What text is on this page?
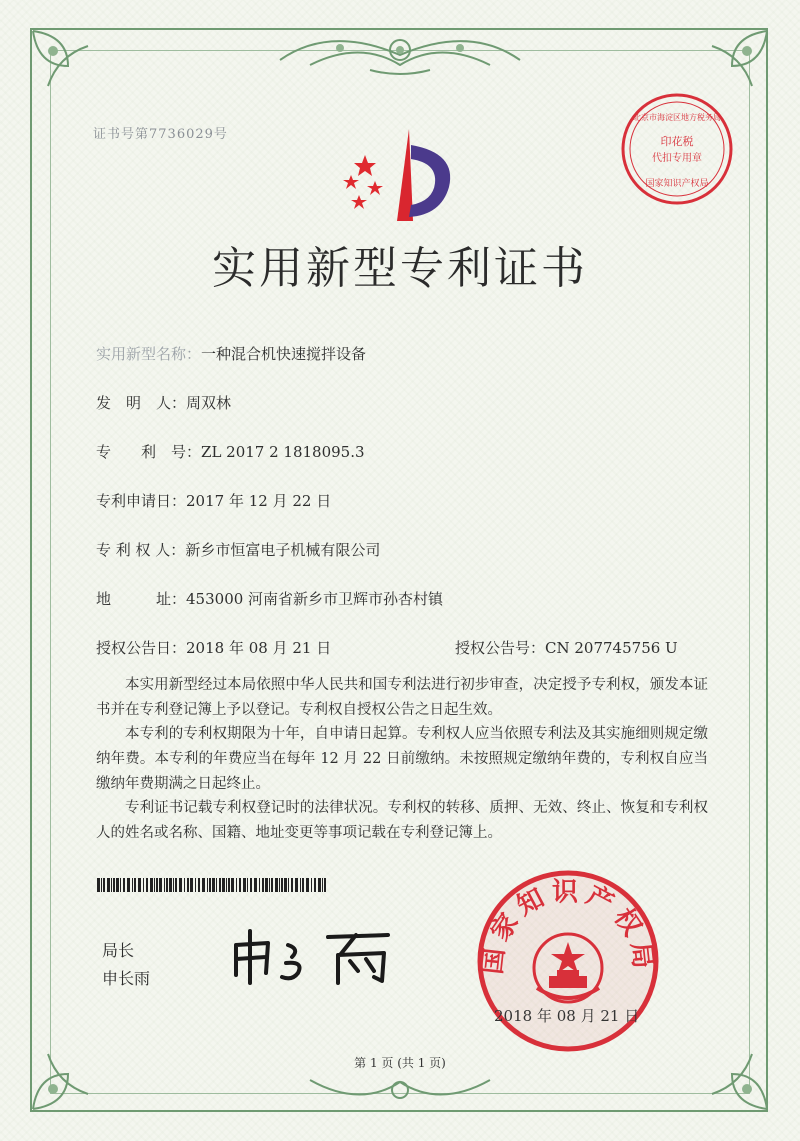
证书号第7736029号	印花税
代扣专用章
北京市海淀区地方税务局
国家知识产权局
实用新型专利证书
实用新型名称：一种混合机快速搅拌设备
发　明　人：周双林
专　　利　号：ZL 2017 2 1818095.3
专利申请日：2017 年 12 月 22 日
专 利 权 人：新乡市恒富电子机械有限公司
地　　　址：453000 河南省新乡市卫辉市孙杏村镇
授权公告日：2018 年 08 月 21 日	授权公告号：CN 207745756 U
本实用新型经过本局依照中华人民共和国专利法进行初步审查，决定授予专利权，颁发本证书并在专利登记簿上予以登记。专利权自授权公告之日起生效。
本专利的专利权期限为十年，自申请日起算。专利权人应当依照专利法及其实施细则规定缴纳年费。本专利的年费应当在每年 12 月 22 日前缴纳。未按照规定缴纳年费的，专利权自应当缴纳年费期满之日起终止。
专利证书记载专利权登记时的法律状况。专利权的转移、质押、无效、终止、恢复和专利权人的姓名或名称、国籍、地址变更等事项记载在专利登记簿上。
局长
申长雨
国家知识产权局
2018 年 08 月 21 日
第 1 页 (共 1 页)
